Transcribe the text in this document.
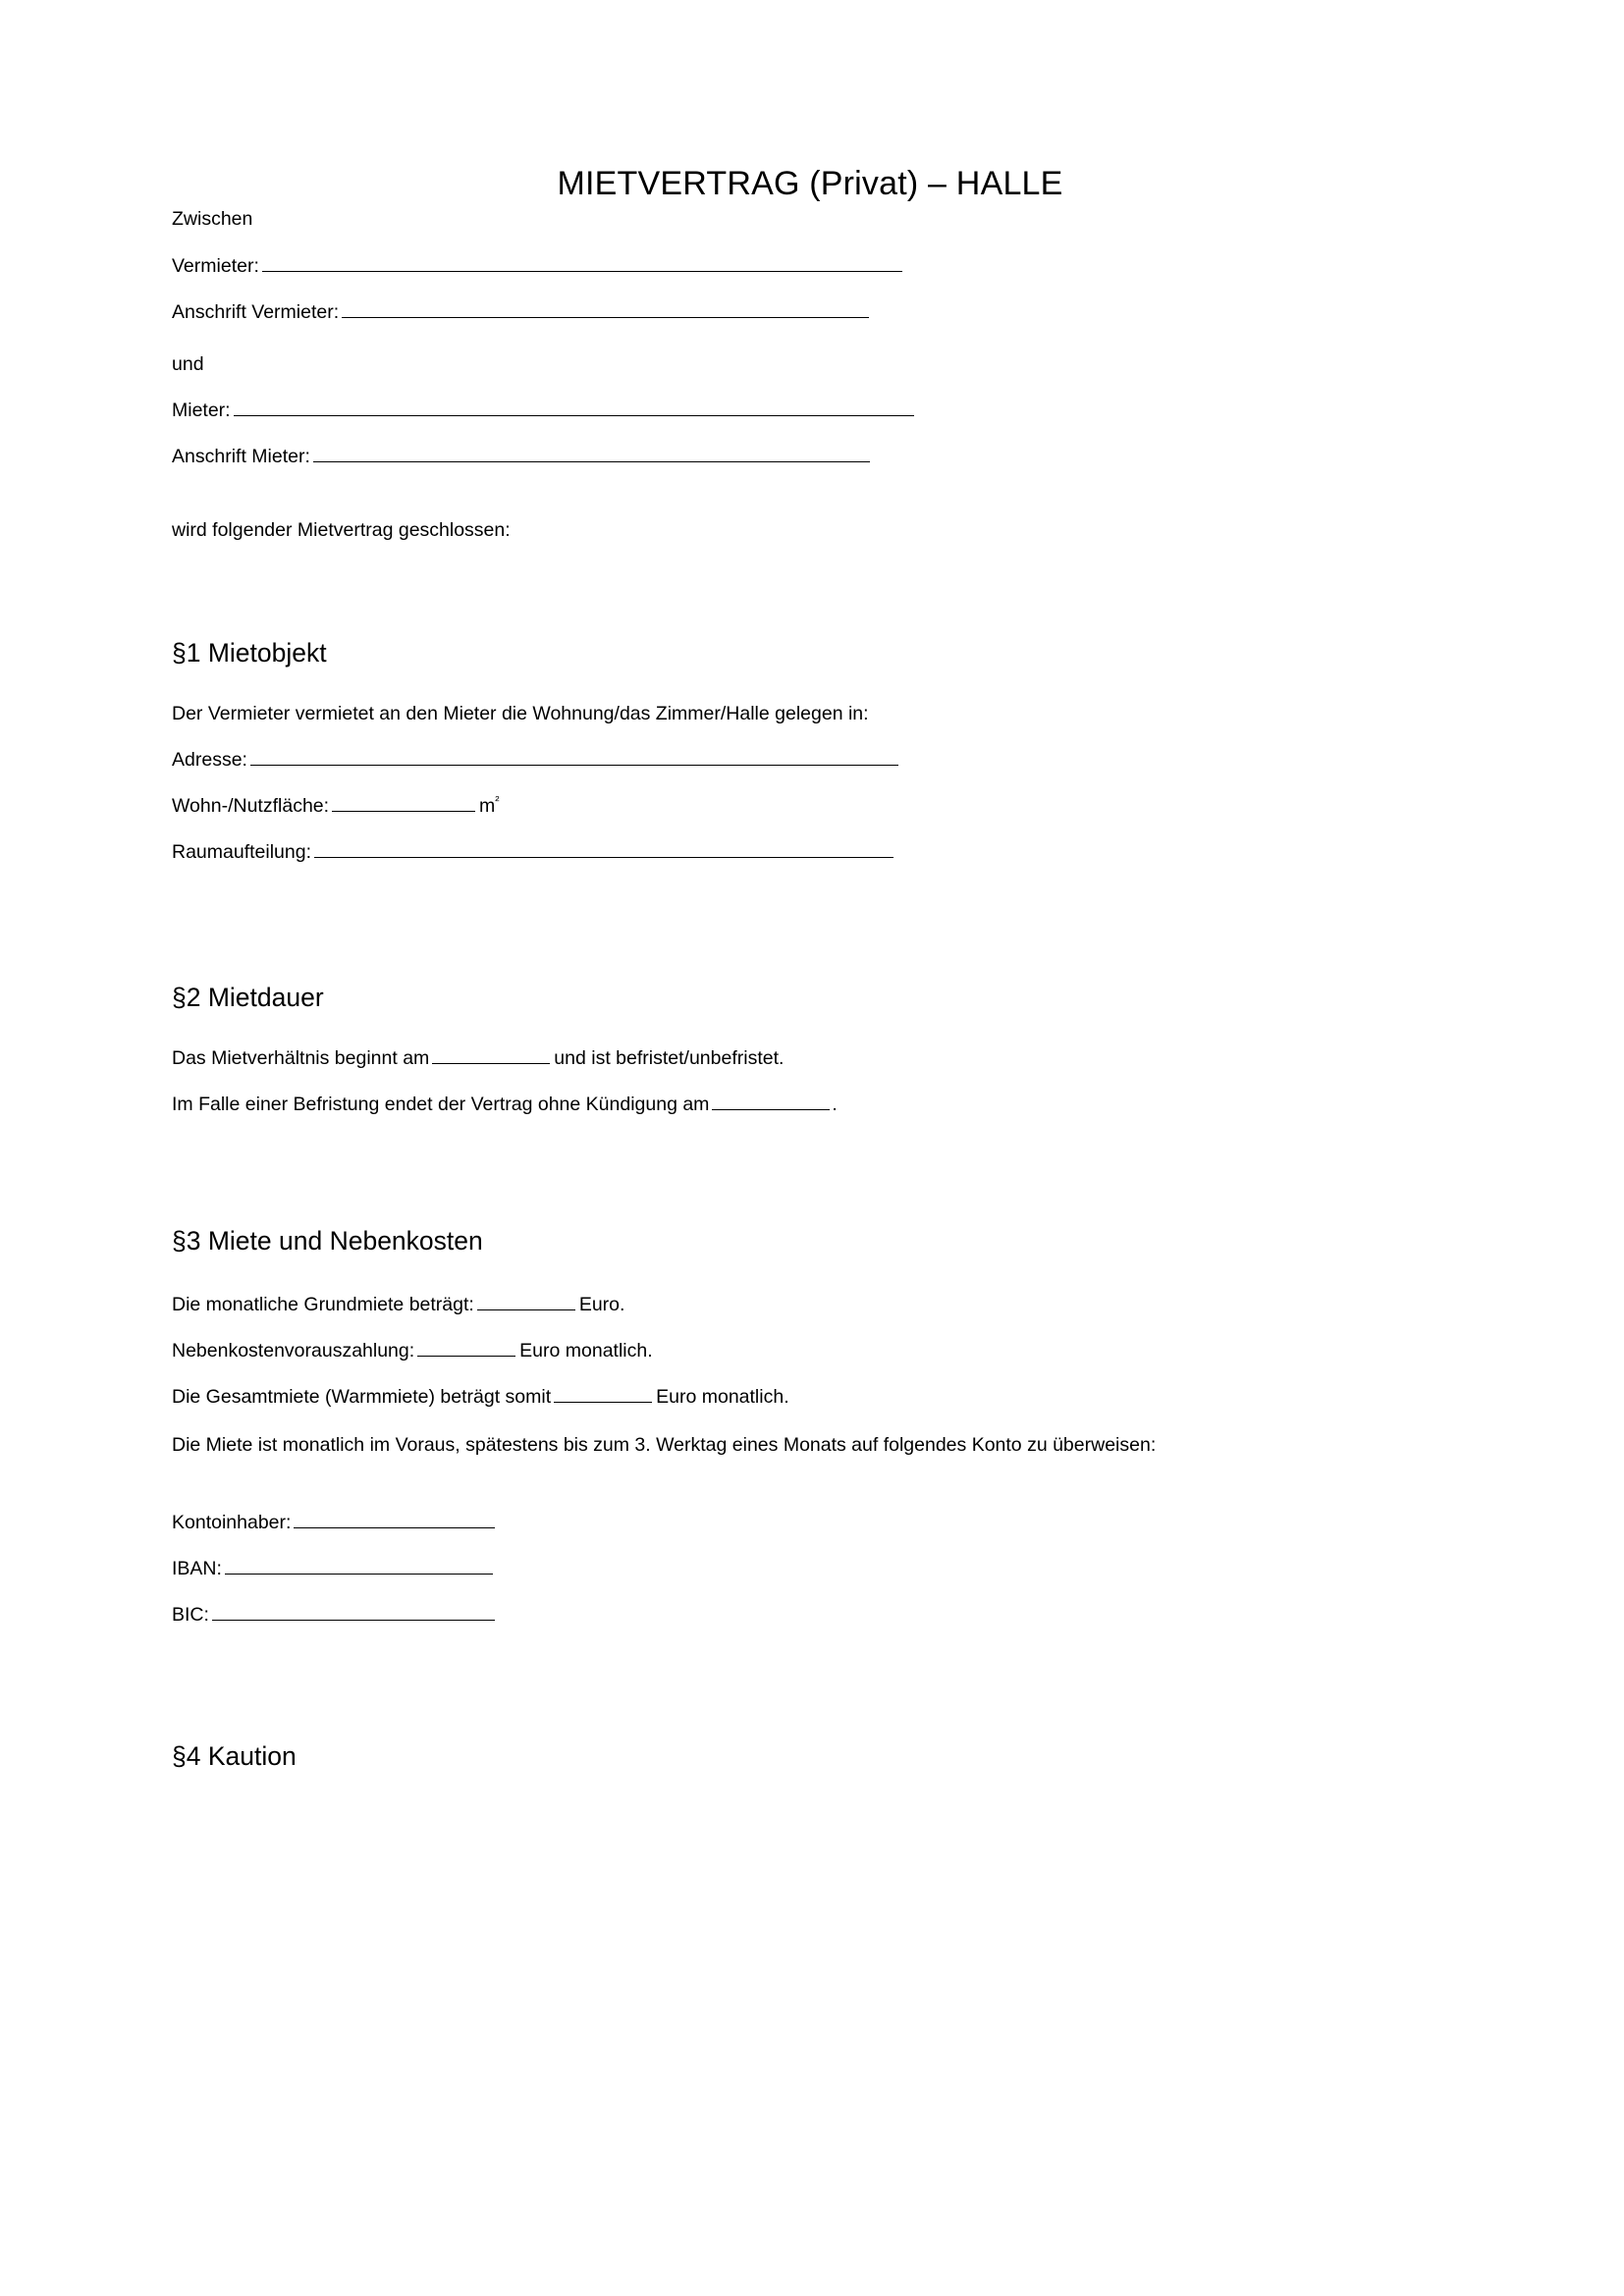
MIETVERTRAG (Privat) – HALLE
Zwischen
Vermieter:
Anschrift Vermieter:
und
Mieter:
Anschrift Mieter:
wird folgender Mietvertrag geschlossen:
§1 Mietobjekt
Der Vermieter vermietet an den Mieter die Wohnung/das Zimmer/Halle gelegen in:
Adresse:
Wohn-/Nutzfläche:	$m^{^2}$
Raumaufteilung:
§2 Mietdauer
Das Mietverhältnis beginnt am	und ist befristet/unbefristet.
Im Falle einer Befristung endet der Vertrag ohne Kündigung am	.
§3 Miete und Nebenkosten
Die monatliche Grundmiete beträgt:	Euro.
Nebenkostenvorauszahlung:	Euro monatlich.
Die Gesamtmiete (Warmmiete) beträgt somit	Euro monatlich.
Die Miete ist monatlich im Voraus, spätestens bis zum 3. Werktag eines Monats auf folgendes Konto zu überweisen:
Kontoinhaber:
IBAN:
BIC:
§4 Kaution
